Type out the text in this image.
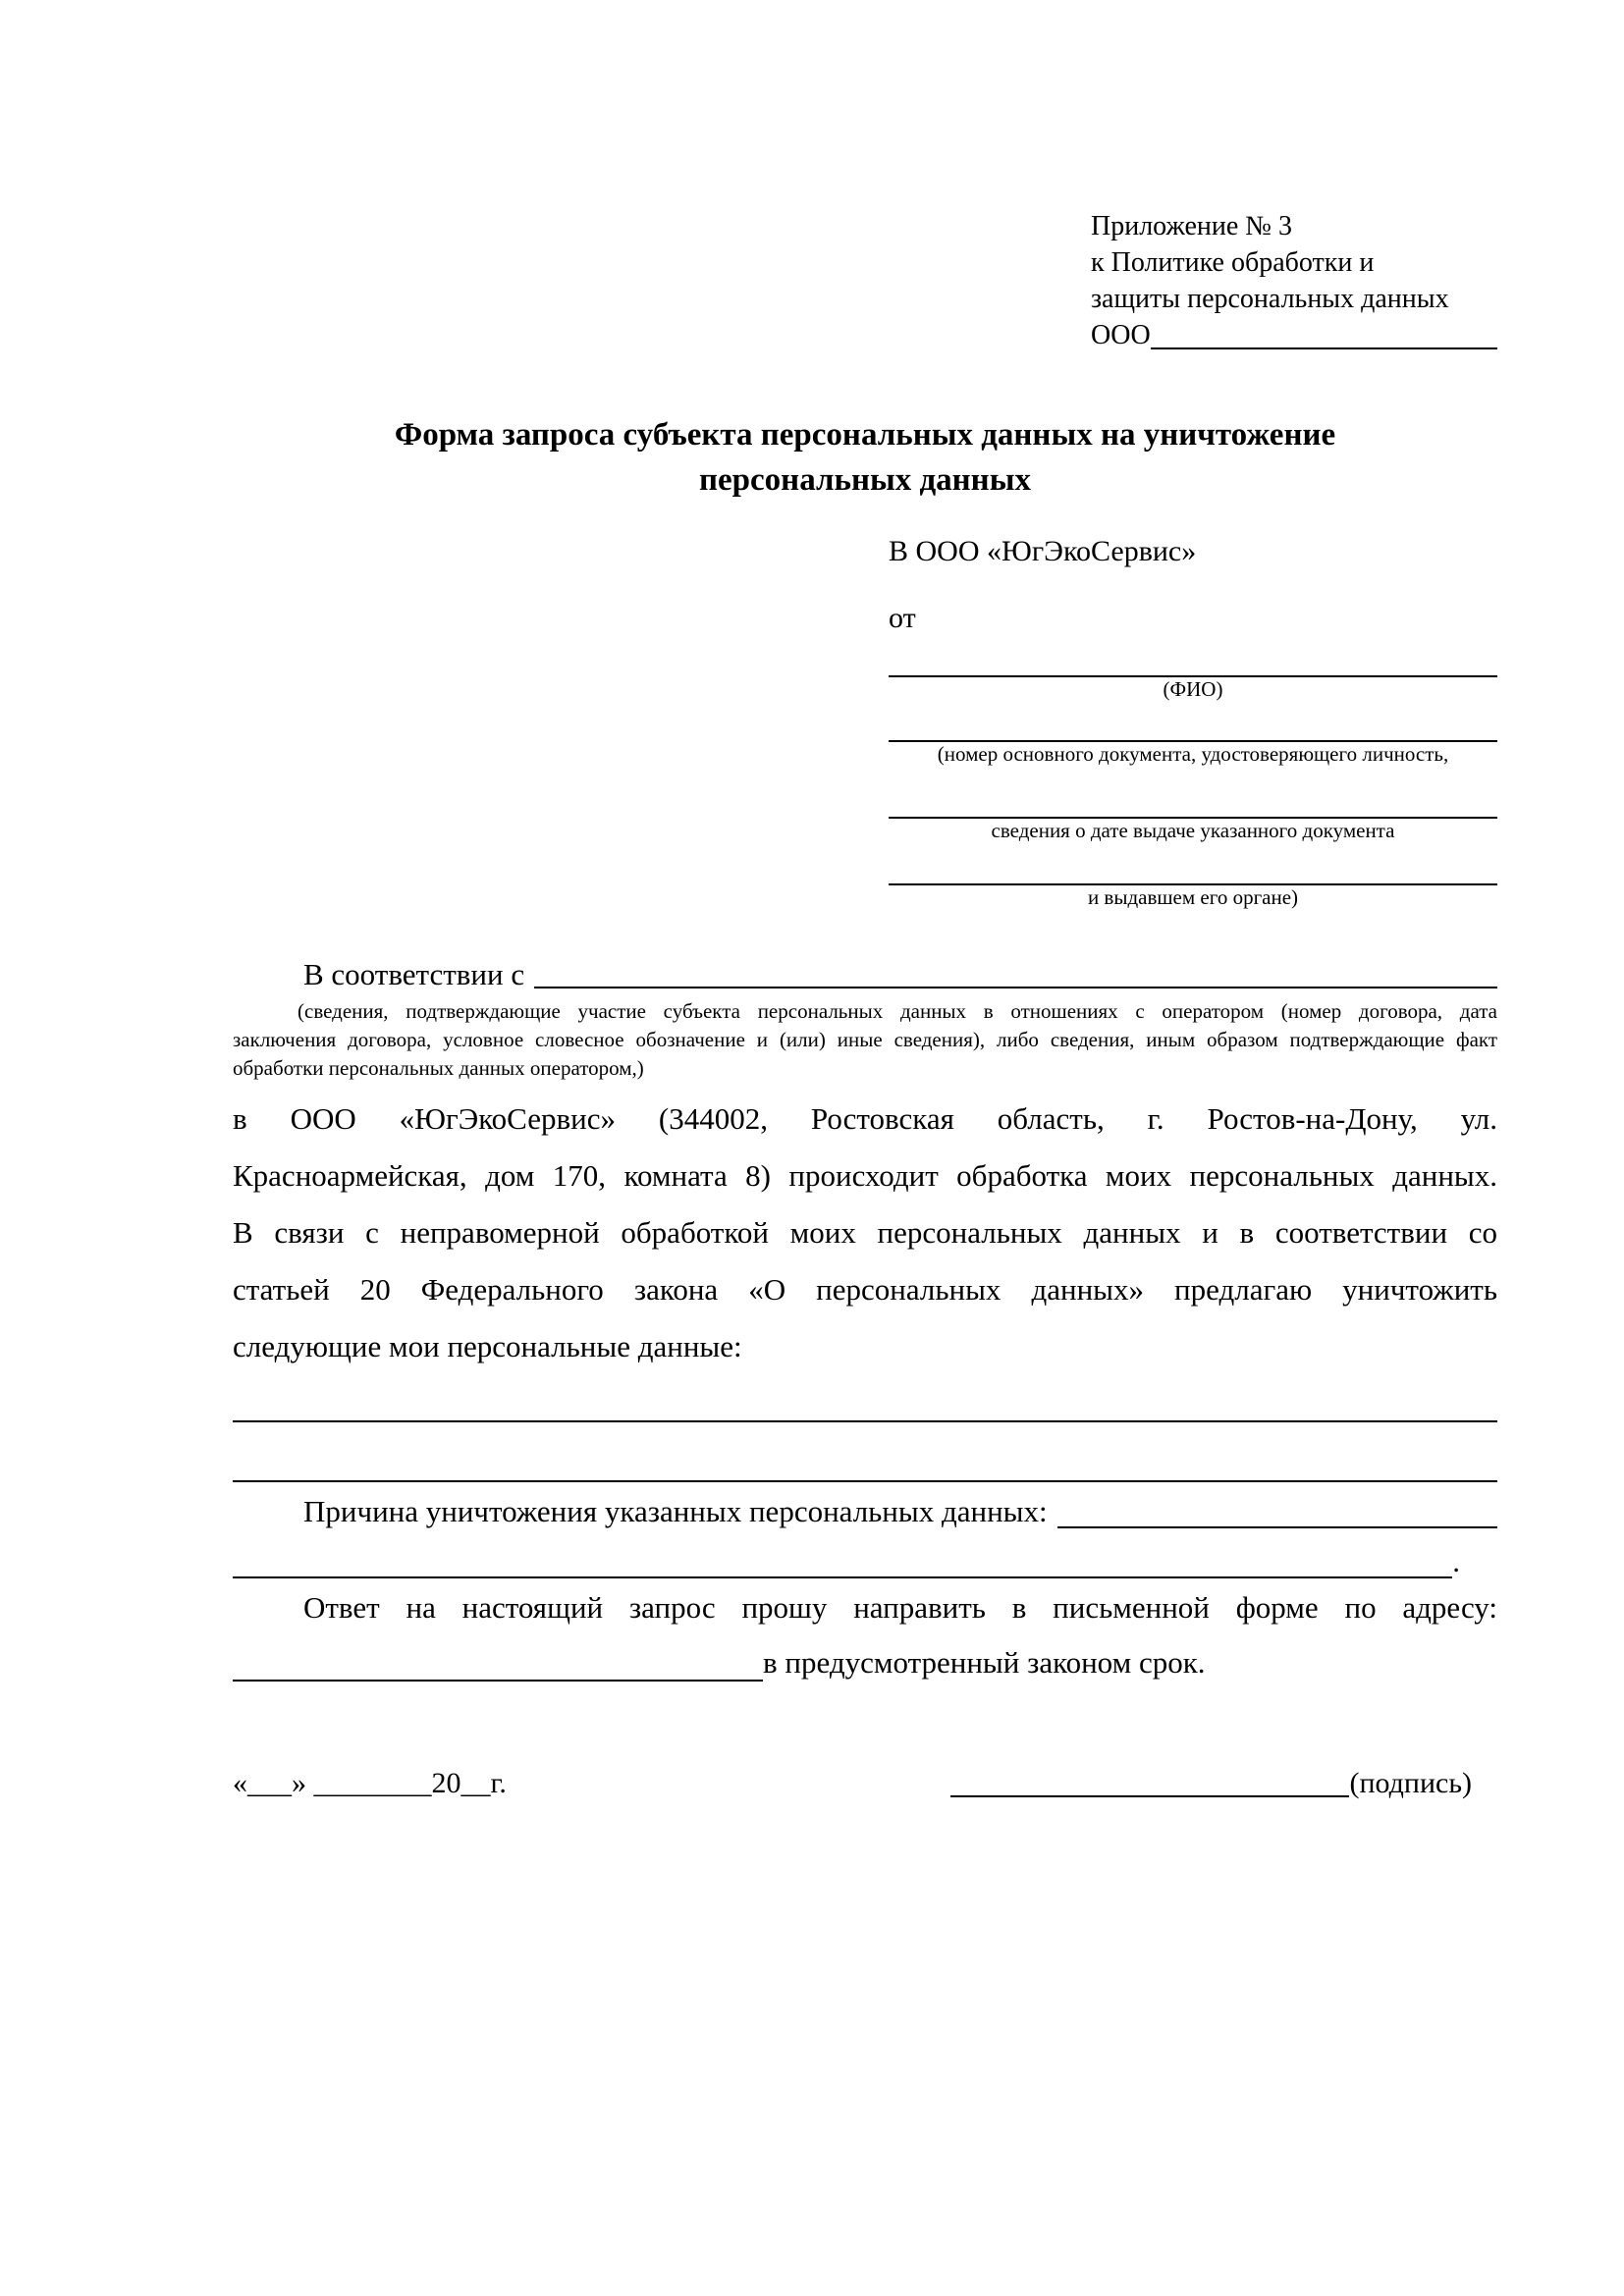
Приложение № 3
к Политике обработки и
защиты персональных данных
ООО
Форма запроса субъекта персональных данных на уничтожение
персональных данных
В ООО «ЮгЭкоСервис»
от
(ФИО)
(номер основного документа, удостоверяющего личность,
сведения о дате выдаче указанного документа
и выдавшем его органе)
В соответствии с
(сведения, подтверждающие участие субъекта персональных данных в отношениях с оператором (номер договора, дата
заключения договора, условное словесное обозначение и (или) иные сведения), либо сведения, иным образом подтверждающие факт
обработки персональных данных оператором,)
в ООО «ЮгЭкоСервис» (344002, Ростовская область, г. Ростов-на-Дону, ул.
Красноармейская, дом 170, комната 8) происходит обработка моих персональных данных.
В связи с неправомерной обработкой моих персональных данных и в соответствии со
статьей 20 Федерального закона «О персональных данных» предлагаю уничтожить
следующие мои персональные данные:
Причина уничтожения указанных персональных данных:
.
Ответ на настоящий запрос прошу направить в письменной форме по адресу:
в предусмотренный законом срок.
«___» ________20__г.	(подпись)
